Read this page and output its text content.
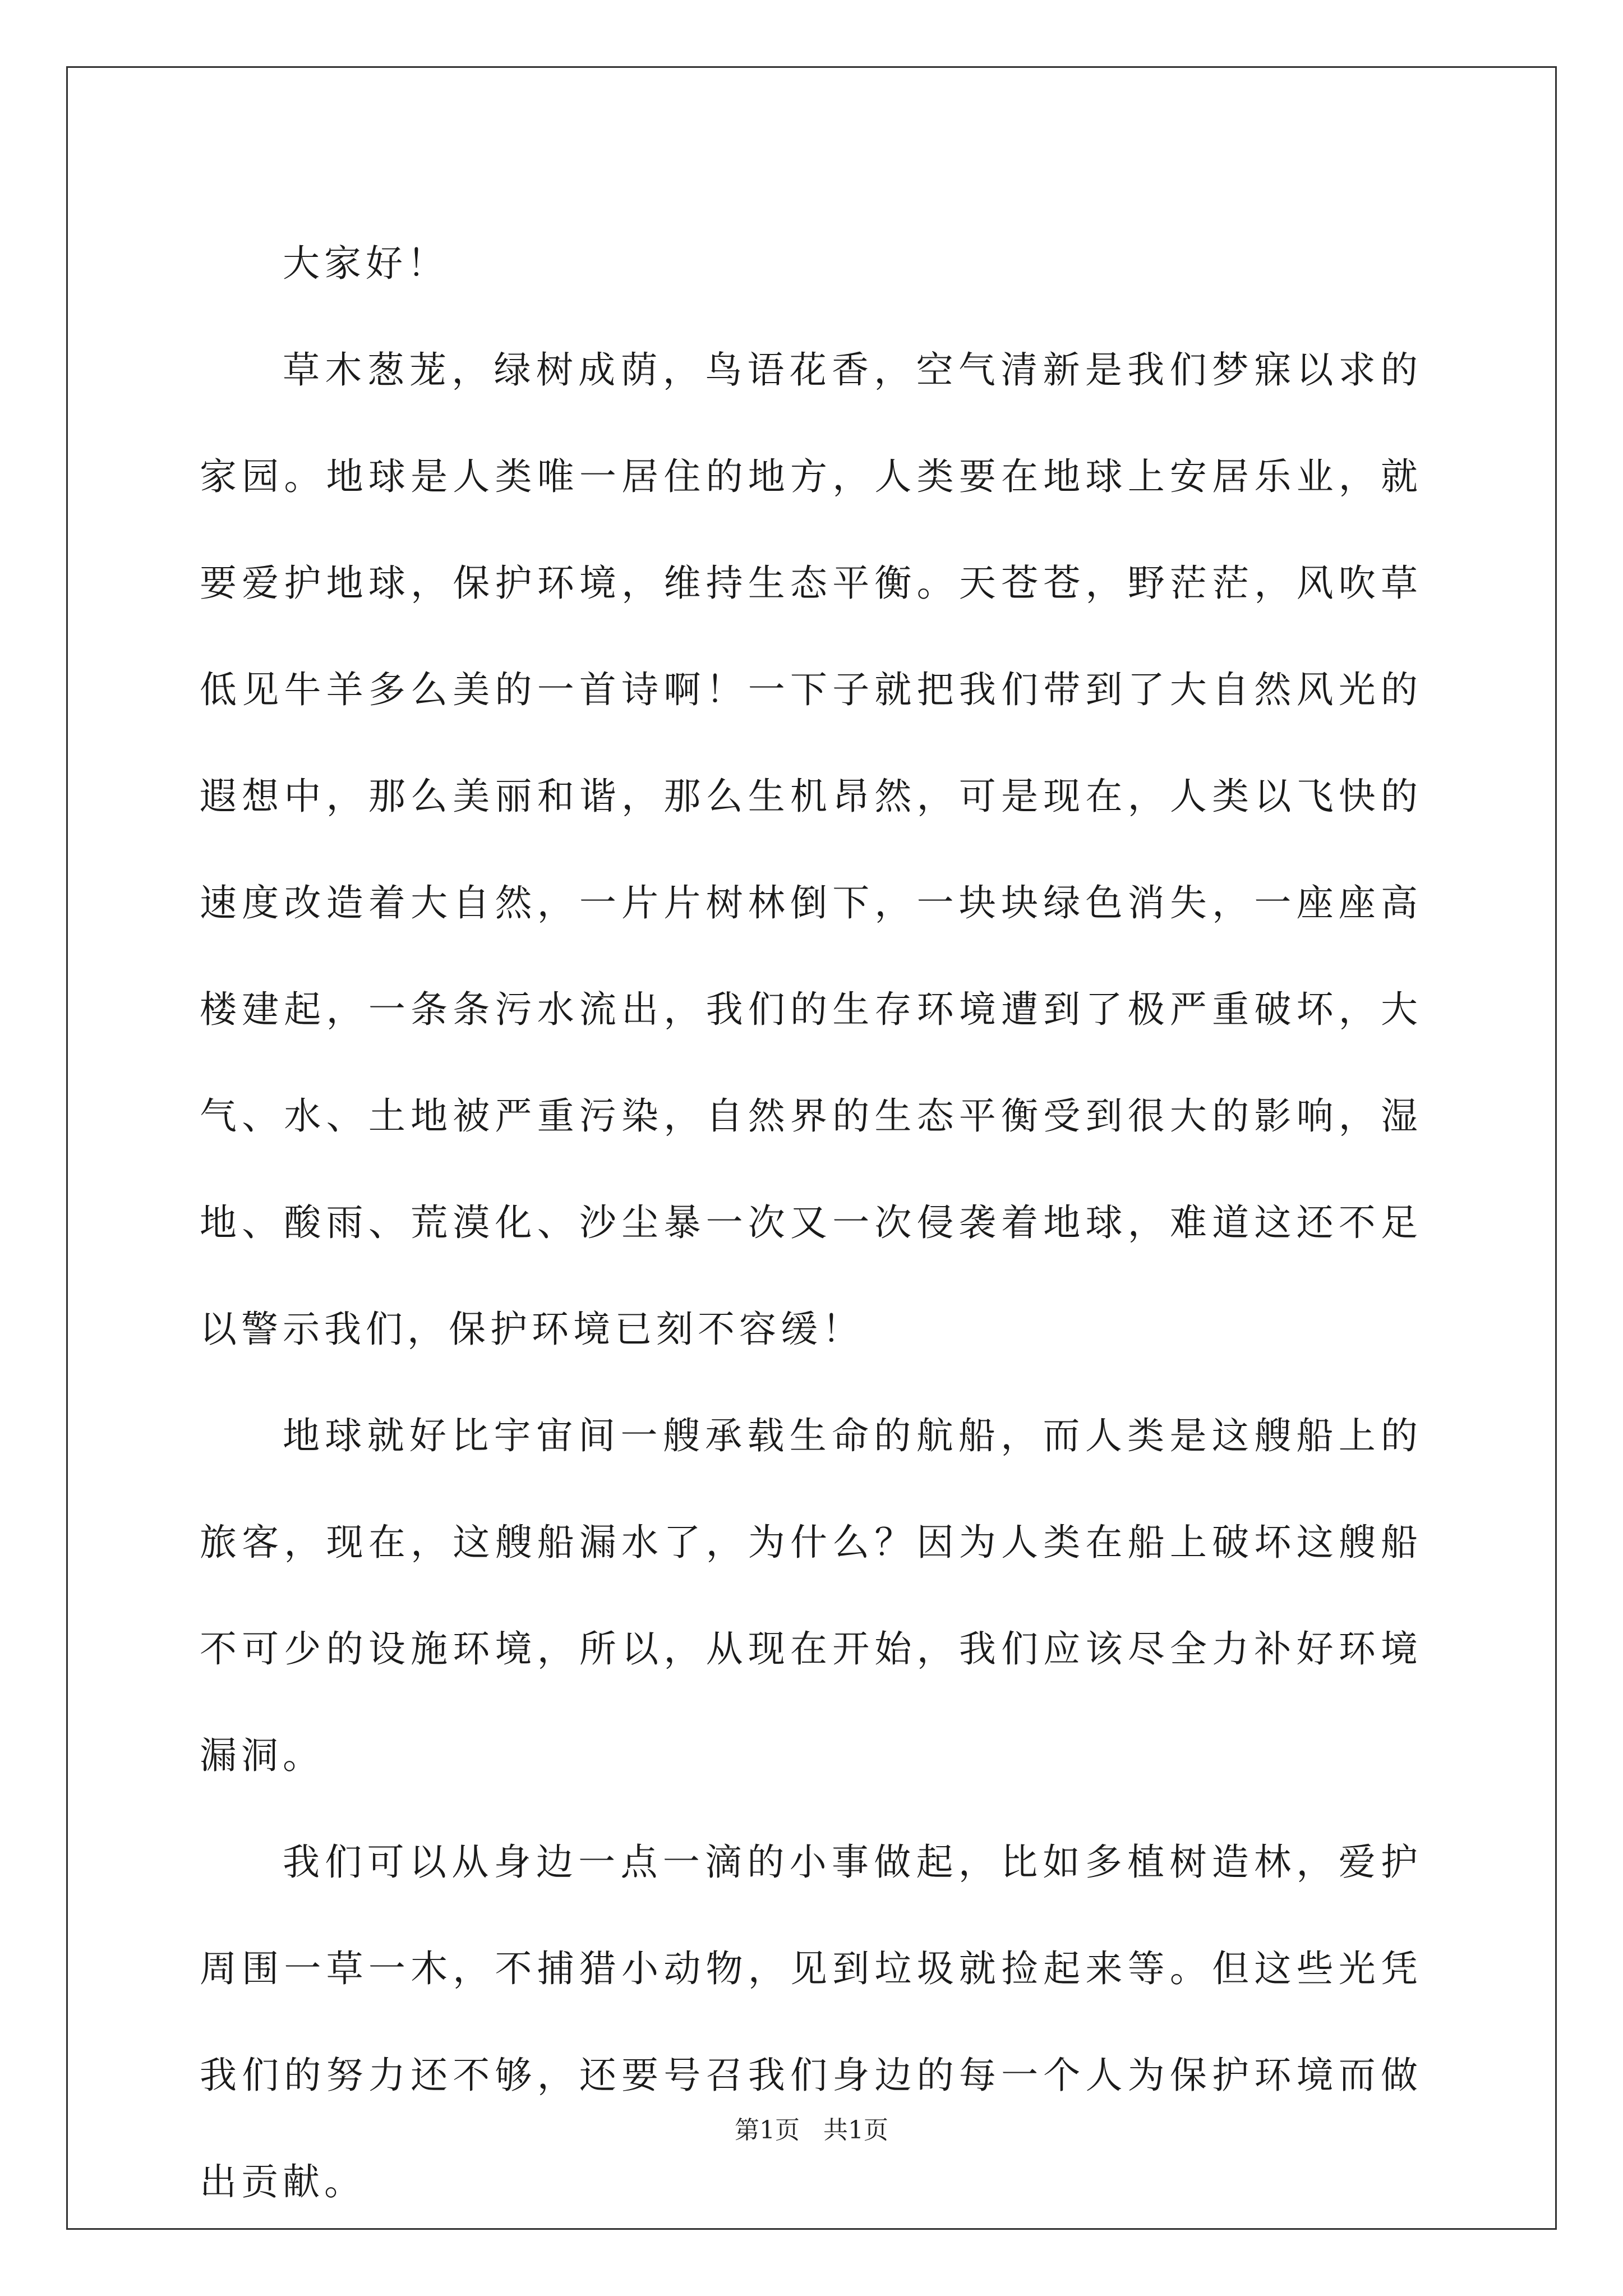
大家好！

草木葱茏，绿树成荫，鸟语花香，空气清新是我们梦寐以求的家园。地球是人类唯一居住的地方，人类要在地球上安居乐业，就要爱护地球，保护环境，维持生态平衡。天苍苍，野茫茫，风吹草低见牛羊多么美的一首诗啊！一下子就把我们带到了大自然风光的遐想中，那么美丽和谐，那么生机昂然，可是现在，人类以飞快的速度改造着大自然，一片片树林倒下，一块块绿色消失，一座座高楼建起，一条条污水流出，我们的生存环境遭到了极严重破坏，大气、水、土地被严重污染，自然界的生态平衡受到很大的影响，湿地、酸雨、荒漠化、沙尘暴一次又一次侵袭着地球，难道这还不足以警示我们，保护环境已刻不容缓！

地球就好比宇宙间一艘承载生命的航船，而人类是这艘船上的旅客，现在，这艘船漏水了，为什么？因为人类在船上破坏这艘船不可少的设施环境，所以，从现在开始，我们应该尽全力补好环境漏洞。

我们可以从身边一点一滴的小事做起，比如多植树造林，爱护周围一草一木，不捕猎小动物，见到垃圾就捡起来等。但这些光凭我们的努力还不够，还要号召我们身边的每一个人为保护环境而做出贡献。

第1页 共1页
